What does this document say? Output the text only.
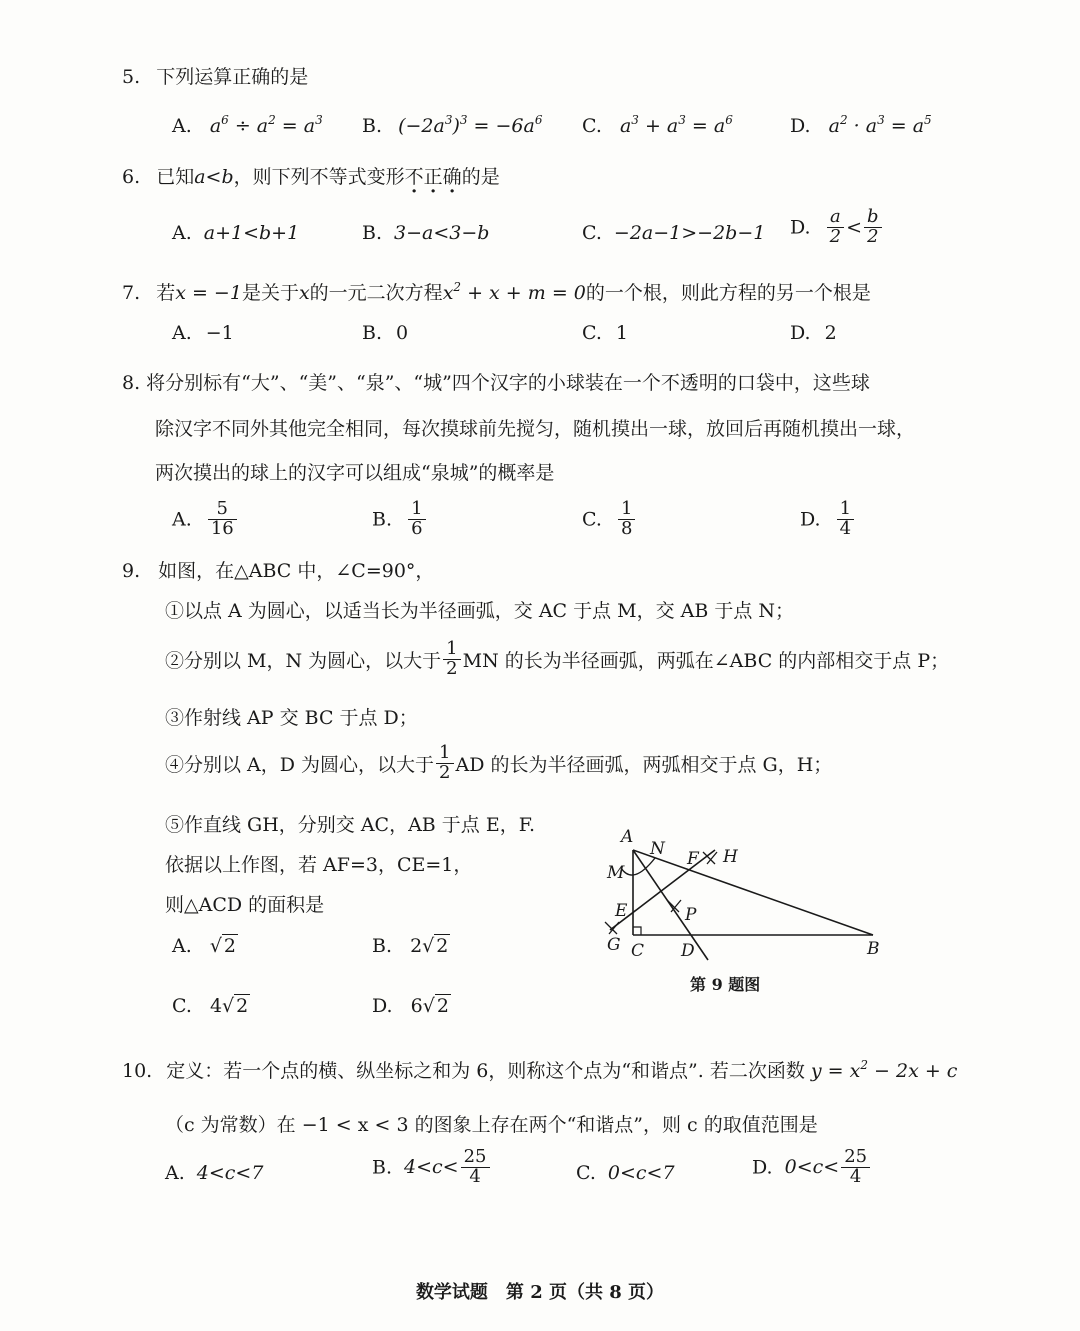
5. 下列运算正确的是
A. $a^6 \div a^2 = a^3$ B. $(-2a^3)^3 = -6a^6$ C. $a^3 + a^3 = a^6$	D. $a^2 \cdot a^3 = a^5$
6. 已知a<b，则下列不等式变形不正确的是
A. a+1<b+1	B. 3−a<3−b	C. −2a−1>−2b−1 D. $\frac{a}{2} < \frac{b}{2}$
7. 若x = −1是关于x的一元二次方程$x^2 + x + m = 0$的一个根，则此方程的另一个根是
A. −1	B. 0	C. 1	D. 2
8. 将分别标有“大”、“美”、“泉”、“城”四个汉字的小球装在一个不透明的口袋中，这些球
除汉字不同外其他完全相同，每次摸球前先搅匀，随机摸出一球，放回后再随机摸出一球，
两次摸出的球上的汉字可以组成“泉城”的概率是
A. $\frac{5}{16}$	B. $\frac{1}{6}$	C. $\frac{1}{8}$	D. $\frac{1}{4}$
9. 如图，在△ABC 中，∠C=90°，
①以点 A 为圆心，以适当长为半径画弧，交 AC 于点 M，交 AB 于点 N；
②分别以 M，N 为圆心，以大于 $\frac{1}{2}$ MN 的长为半径画弧，两弧在∠ABC 的内部相交于点 P；
③作射线 AP 交 BC 于点 D；
④分别以 A，D 为圆心，以大于 $\frac{1}{2}$ AD 的长为半径画弧，两弧相交于点 G，H；
⑤作直线 GH，分别交 AC，AB 于点 E，F.
依据以上作图，若 AF=3，CE=1，
则△ACD 的面积是
A. √ 2	B. 2√ 2
C. 4√ 2	D. 6√ 2
A
N F H
M
E	P
G C D	B
第 9 题图
10. 定义：若一个点的横、纵坐标之和为 6，则称这个点为“和谐点”. 若二次函数 $y = x^2 - 2x + c$
（c 为常数）在 −1 < x < 3 的图象上存在两个“和谐点”，则 c 的取值范围是
A. 4<c<7	B. $4<c< \frac{25}{4}$	C. 0<c<7	D. $0<c< \frac{25}{4}$
数学试题　第 2 页（共 8 页）
